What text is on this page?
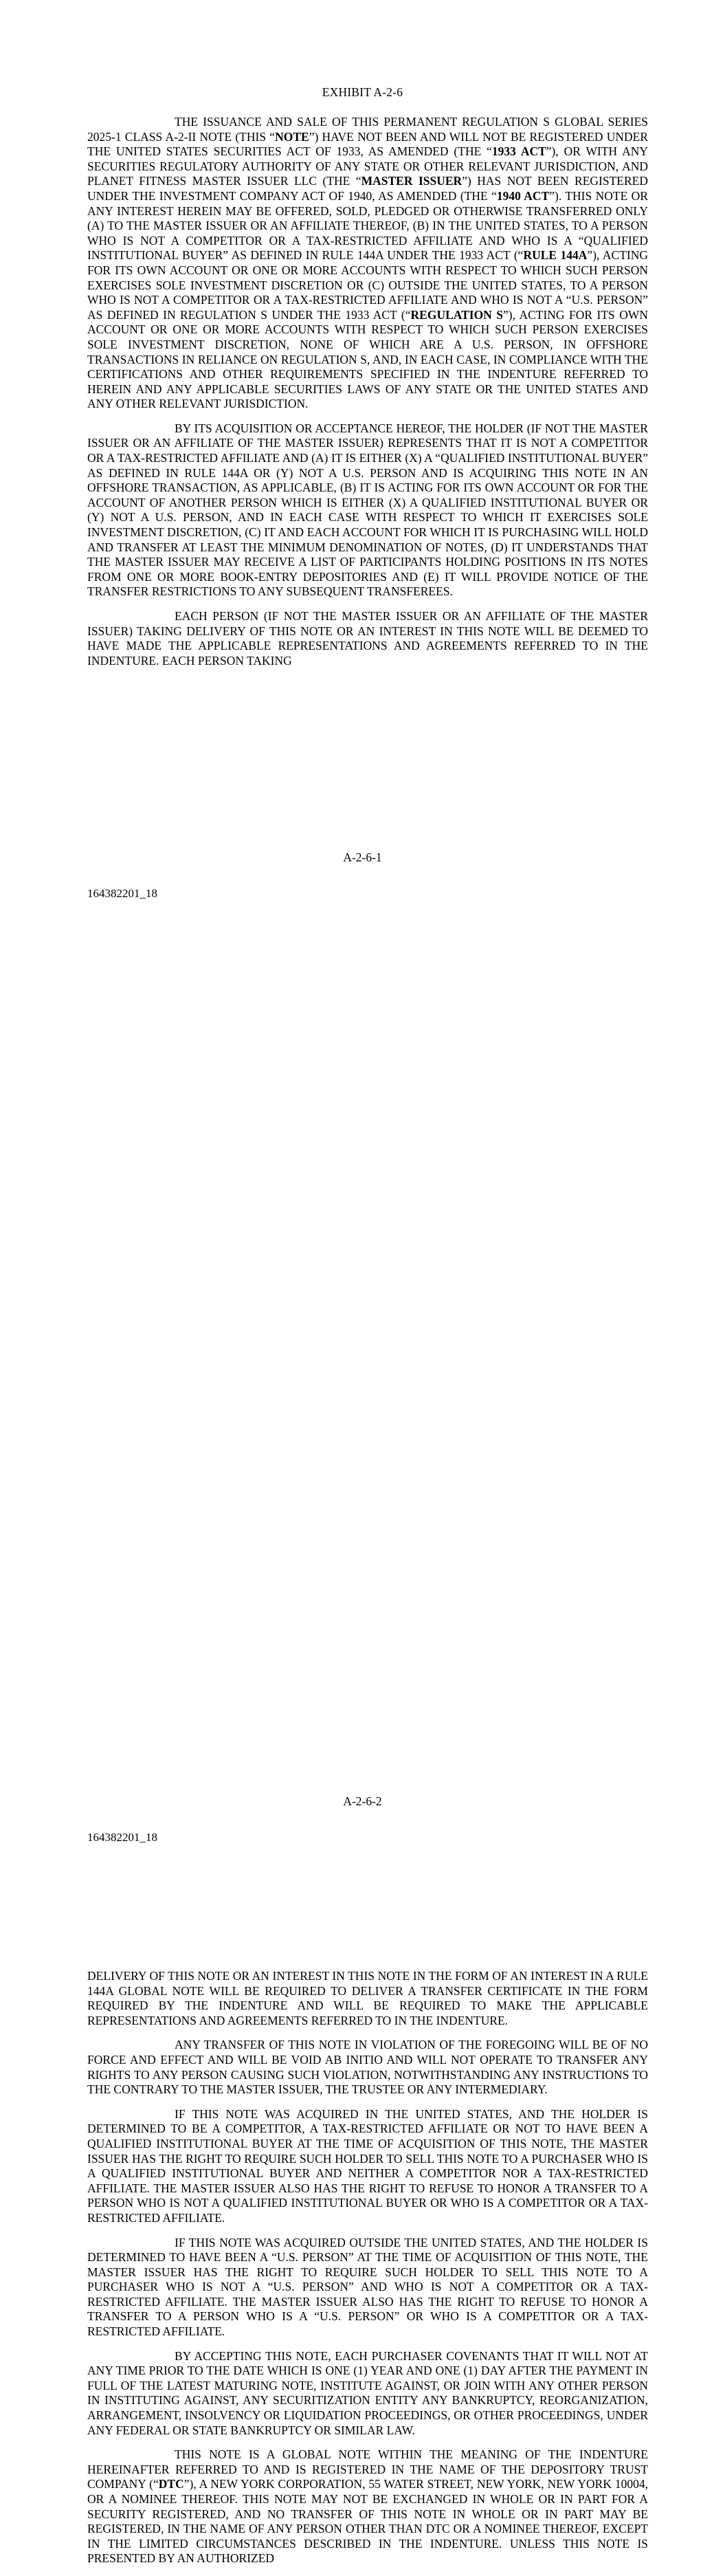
EXHIBIT A-2-6

THE ISSUANCE AND SALE OF THIS PERMANENT REGULATION S GLOBAL SERIES 2025-1 CLASS A-2-II NOTE (THIS “NOTE”) HAVE NOT BEEN AND WILL NOT BE REGISTERED UNDER THE UNITED STATES SECURITIES ACT OF 1933, AS AMENDED (THE “1933 ACT”), OR WITH ANY SECURITIES REGULATORY AUTHORITY OF ANY STATE OR OTHER RELEVANT JURISDICTION, AND PLANET FITNESS MASTER ISSUER LLC (THE “MASTER ISSUER”) HAS NOT BEEN REGISTERED UNDER THE INVESTMENT COMPANY ACT OF 1940, AS AMENDED (THE “1940 ACT”). THIS NOTE OR ANY INTEREST HEREIN MAY BE OFFERED, SOLD, PLEDGED OR OTHERWISE TRANSFERRED ONLY (A) TO THE MASTER ISSUER OR AN AFFILIATE THEREOF, (B) IN THE UNITED STATES, TO A PERSON WHO IS NOT A COMPETITOR OR A TAX-RESTRICTED AFFILIATE AND WHO IS A “QUALIFIED INSTITUTIONAL BUYER” AS DEFINED IN RULE 144A UNDER THE 1933 ACT (“RULE 144A”), ACTING FOR ITS OWN ACCOUNT OR ONE OR MORE ACCOUNTS WITH RESPECT TO WHICH SUCH PERSON EXERCISES SOLE INVESTMENT DISCRETION OR (C) OUTSIDE THE UNITED STATES, TO A PERSON WHO IS NOT A COMPETITOR OR A TAX-RESTRICTED AFFILIATE AND WHO IS NOT A “U.S. PERSON” AS DEFINED IN REGULATION S UNDER THE 1933 ACT (“REGULATION S”), ACTING FOR ITS OWN ACCOUNT OR ONE OR MORE ACCOUNTS WITH RESPECT TO WHICH SUCH PERSON EXERCISES SOLE INVESTMENT DISCRETION, NONE OF WHICH ARE A U.S. PERSON, IN OFFSHORE TRANSACTIONS IN RELIANCE ON REGULATION S, AND, IN EACH CASE, IN COMPLIANCE WITH THE CERTIFICATIONS AND OTHER REQUIREMENTS SPECIFIED IN THE INDENTURE REFERRED TO HEREIN AND ANY APPLICABLE SECURITIES LAWS OF ANY STATE OR THE UNITED STATES AND ANY OTHER RELEVANT JURISDICTION.

BY ITS ACQUISITION OR ACCEPTANCE HEREOF, THE HOLDER (IF NOT THE MASTER ISSUER OR AN AFFILIATE OF THE MASTER ISSUER) REPRESENTS THAT IT IS NOT A COMPETITOR OR A TAX-RESTRICTED AFFILIATE AND (A) IT IS EITHER (X) A “QUALIFIED INSTITUTIONAL BUYER” AS DEFINED IN RULE 144A OR (Y) NOT A U.S. PERSON AND IS ACQUIRING THIS NOTE IN AN OFFSHORE TRANSACTION, AS APPLICABLE, (B) IT IS ACTING FOR ITS OWN ACCOUNT OR FOR THE ACCOUNT OF ANOTHER PERSON WHICH IS EITHER (X) A QUALIFIED INSTITUTIONAL BUYER OR (Y) NOT A U.S. PERSON, AND IN EACH CASE WITH RESPECT TO WHICH IT EXERCISES SOLE INVESTMENT DISCRETION, (C) IT AND EACH ACCOUNT FOR WHICH IT IS PURCHASING WILL HOLD AND TRANSFER AT LEAST THE MINIMUM DENOMINATION OF NOTES, (D) IT UNDERSTANDS THAT THE MASTER ISSUER MAY RECEIVE A LIST OF PARTICIPANTS HOLDING POSITIONS IN ITS NOTES FROM ONE OR MORE BOOK-ENTRY DEPOSITORIES AND (E) IT WILL PROVIDE NOTICE OF THE TRANSFER RESTRICTIONS TO ANY SUBSEQUENT TRANSFEREES.

EACH PERSON (IF NOT THE MASTER ISSUER OR AN AFFILIATE OF THE MASTER ISSUER) TAKING DELIVERY OF THIS NOTE OR AN INTEREST IN THIS NOTE WILL BE DEEMED TO HAVE MADE THE APPLICABLE REPRESENTATIONS AND AGREEMENTS REFERRED TO IN THE INDENTURE. EACH PERSON TAKING

A-2-6-1
164382201_18

DELIVERY OF THIS NOTE OR AN INTEREST IN THIS NOTE IN THE FORM OF AN INTEREST IN A RULE 144A GLOBAL NOTE WILL BE REQUIRED TO DELIVER A TRANSFER CERTIFICATE IN THE FORM REQUIRED BY THE INDENTURE AND WILL BE REQUIRED TO MAKE THE APPLICABLE REPRESENTATIONS AND AGREEMENTS REFERRED TO IN THE INDENTURE.

ANY TRANSFER OF THIS NOTE IN VIOLATION OF THE FOREGOING WILL BE OF NO FORCE AND EFFECT AND WILL BE VOID AB INITIO AND WILL NOT OPERATE TO TRANSFER ANY RIGHTS TO ANY PERSON CAUSING SUCH VIOLATION, NOTWITHSTANDING ANY INSTRUCTIONS TO THE CONTRARY TO THE MASTER ISSUER, THE TRUSTEE OR ANY INTERMEDIARY.

IF THIS NOTE WAS ACQUIRED IN THE UNITED STATES, AND THE HOLDER IS DETERMINED TO BE A COMPETITOR, A TAX-RESTRICTED AFFILIATE OR NOT TO HAVE BEEN A QUALIFIED INSTITUTIONAL BUYER AT THE TIME OF ACQUISITION OF THIS NOTE, THE MASTER ISSUER HAS THE RIGHT TO REQUIRE SUCH HOLDER TO SELL THIS NOTE TO A PURCHASER WHO IS A QUALIFIED INSTITUTIONAL BUYER AND NEITHER A COMPETITOR NOR A TAX-RESTRICTED AFFILIATE. THE MASTER ISSUER ALSO HAS THE RIGHT TO REFUSE TO HONOR A TRANSFER TO A PERSON WHO IS NOT A QUALIFIED INSTITUTIONAL BUYER OR WHO IS A COMPETITOR OR A TAX-RESTRICTED AFFILIATE.

IF THIS NOTE WAS ACQUIRED OUTSIDE THE UNITED STATES, AND THE HOLDER IS DETERMINED TO HAVE BEEN A “U.S. PERSON” AT THE TIME OF ACQUISITION OF THIS NOTE, THE MASTER ISSUER HAS THE RIGHT TO REQUIRE SUCH HOLDER TO SELL THIS NOTE TO A PURCHASER WHO IS NOT A “U.S. PERSON” AND WHO IS NOT A COMPETITOR OR A TAX-RESTRICTED AFFILIATE. THE MASTER ISSUER ALSO HAS THE RIGHT TO REFUSE TO HONOR A TRANSFER TO A PERSON WHO IS A “U.S. PERSON” OR WHO IS A COMPETITOR OR A TAX-RESTRICTED AFFILIATE.

BY ACCEPTING THIS NOTE, EACH PURCHASER COVENANTS THAT IT WILL NOT AT ANY TIME PRIOR TO THE DATE WHICH IS ONE (1) YEAR AND ONE (1) DAY AFTER THE PAYMENT IN FULL OF THE LATEST MATURING NOTE, INSTITUTE AGAINST, OR JOIN WITH ANY OTHER PERSON IN INSTITUTING AGAINST, ANY SECURITIZATION ENTITY ANY BANKRUPTCY, REORGANIZATION, ARRANGEMENT, INSOLVENCY OR LIQUIDATION PROCEEDINGS, OR OTHER PROCEEDINGS, UNDER ANY FEDERAL OR STATE BANKRUPTCY OR SIMILAR LAW.

THIS NOTE IS A GLOBAL NOTE WITHIN THE MEANING OF THE INDENTURE HEREINAFTER REFERRED TO AND IS REGISTERED IN THE NAME OF THE DEPOSITORY TRUST COMPANY (“DTC”), A NEW YORK CORPORATION, 55 WATER STREET, NEW YORK, NEW YORK 10004, OR A NOMINEE THEREOF. THIS NOTE MAY NOT BE EXCHANGED IN WHOLE OR IN PART FOR A SECURITY REGISTERED, AND NO TRANSFER OF THIS NOTE IN WHOLE OR IN PART MAY BE REGISTERED, IN THE NAME OF ANY PERSON OTHER THAN DTC OR A NOMINEE THEREOF, EXCEPT IN THE LIMITED CIRCUMSTANCES DESCRIBED IN THE INDENTURE. UNLESS THIS NOTE IS PRESENTED BY AN AUTHORIZED

A-2-6-2
164382201_18
